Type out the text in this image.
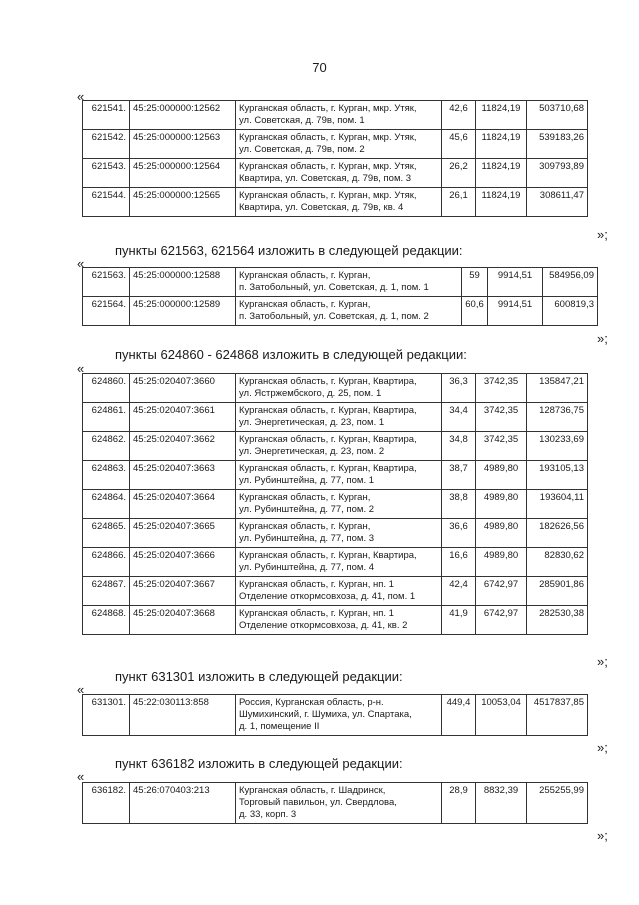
70
«
621541.	45:25:000000:12562	Курганская область, г. Курган, мкр. Утяк,
ул. Советская, д. 79в, пом. 1	42,6	11824,19	503710,68
621542.	45:25:000000:12563	Курганская область, г. Курган, мкр. Утяк,
ул. Советская, д. 79в, пом. 2	45,6	11824,19	539183,26
621543.	45:25:000000:12564	Курганская область, г. Курган, мкр. Утяк,
Квартира, ул. Советская, д. 79в, пом. 3	26,2	11824,19	309793,89
621544.	45:25:000000:12565	Курганская область, г. Курган, мкр. Утяк,
Квартира, ул. Советская, д. 79в, кв. 4	26,1	11824,19	308611,47
»;
пункты 621563, 621564 изложить в следующей редакции:
«
621563.	45:25:000000:12588	Курганская область, г. Курган,
п. Затобольный, ул. Советская, д. 1, пом. 1	59	9914,51	584956,09
621564.	45:25:000000:12589	Курганская область, г. Курган,
п. Затобольный, ул. Советская, д. 1, пом. 2	60,6	9914,51	600819,3
»;
пункты 624860 - 624868 изложить в следующей редакции:
«
624860.	45:25:020407:3660	Курганская область, г. Курган, Квартира,
ул. Ястржембского, д. 25, пом. 1	36,3	3742,35	135847,21
624861.	45:25:020407:3661	Курганская область, г. Курган, Квартира,
ул. Энергетическая, д. 23, пом. 1	34,4	3742,35	128736,75
624862.	45:25:020407:3662	Курганская область, г. Курган, Квартира,
ул. Энергетическая, д. 23, пом. 2	34,8	3742,35	130233,69
624863.	45:25:020407:3663	Курганская область, г. Курган, Квартира,
ул. Рубинштейна, д. 77, пом. 1	38,7	4989,80	193105,13
624864.	45:25:020407:3664	Курганская область, г. Курган,
ул. Рубинштейна, д. 77, пом. 2	38,8	4989,80	193604,11
624865.	45:25:020407:3665	Курганская область, г. Курган,
ул. Рубинштейна, д. 77, пом. 3	36,6	4989,80	182626,56
624866.	45:25:020407:3666	Курганская область, г. Курган, Квартира,
ул. Рубинштейна, д. 77, пом. 4	16,6	4989,80	82830,62
624867.	45:25:020407:3667	Курганская область, г. Курган, нп. 1
Отделение откормсовхоза, д. 41, пом. 1	42,4	6742,97	285901,86
624868.	45:25:020407:3668	Курганская область, г. Курган, нп. 1
Отделение откормсовхоза, д. 41, кв. 2	41,9	6742,97	282530,38
»;
пункт 631301 изложить в следующей редакции:
«
631301.	45:22:030113:858	Россия, Курганская область, р-н.
Шумихинский, г. Шумиха, ул. Спартака,
д. 1, помещение II
	449,4	10053,04	4517837,85
»;
пункт 636182 изложить в следующей редакции:
«
636182.	45:26:070403:213	Курганская область, г. Шадринск,
Торговый павильон, ул. Свердлова,
д. 33, корп. 3
	28,9	8832,39	255255,99
»;
